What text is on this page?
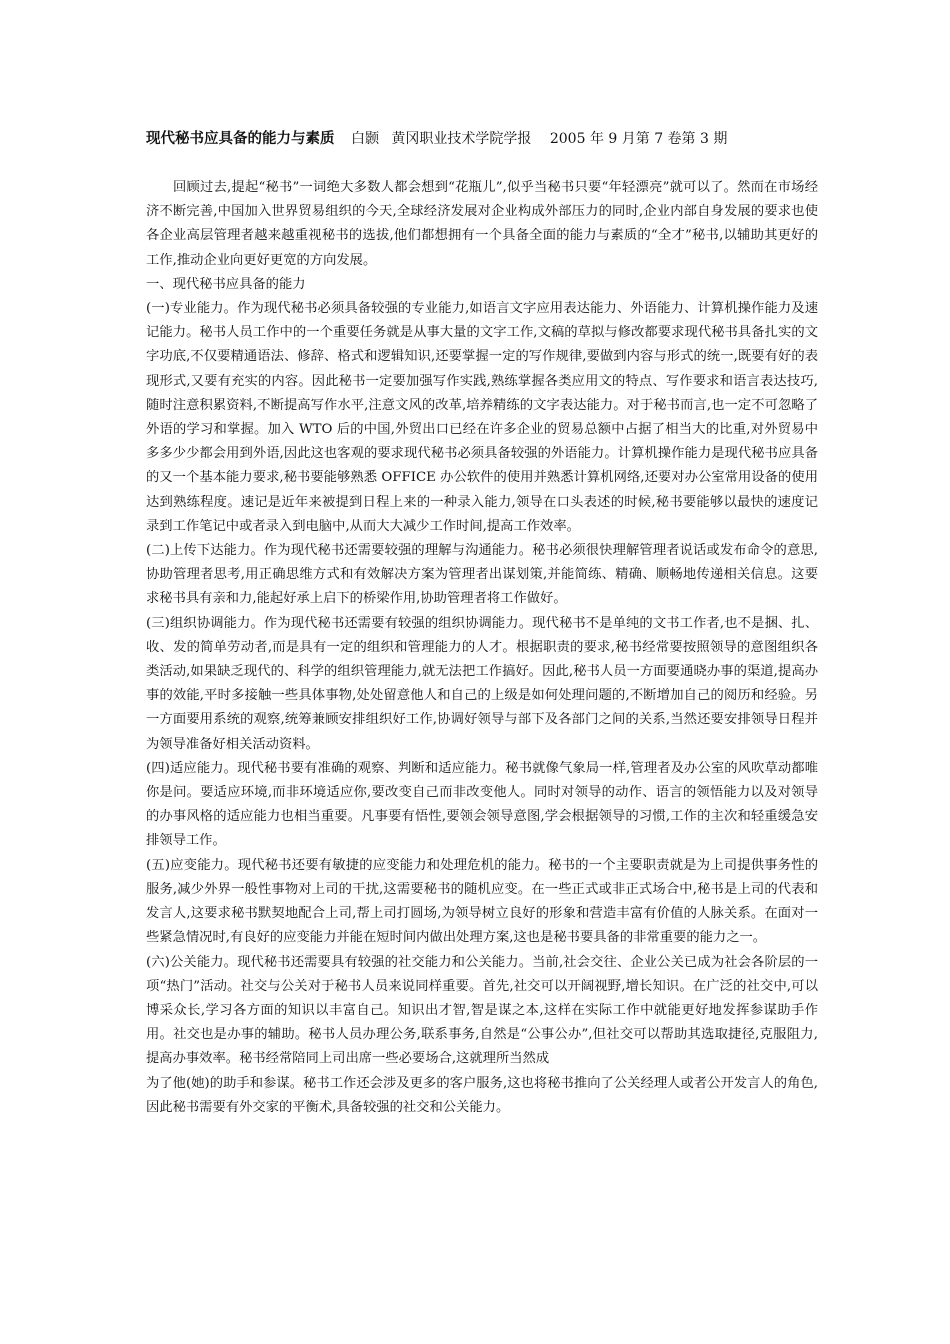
现代秘书应具备的能力与素质 白颢 黄冈职业技术学院学报 2005 年 9 月第 7 卷第 3 期

回顾过去,提起“秘书”一词绝大多数人都会想到“花瓶儿”,似乎当秘书只要“年轻漂亮”就可以了。然而在市场经济不断完善,中国加入世界贸易组织的今天,全球经济发展对企业构成外部压力的同时,企业内部自身发展的要求也使各企业高层管理者越来越重视秘书的选拔,他们都想拥有一个具备全面的能力与素质的“全才”秘书,以辅助其更好的工作,推动企业向更好更宽的方向发展。

一、现代秘书应具备的能力

(一)专业能力。作为现代秘书必须具备较强的专业能力,如语言文字应用表达能力、外语能力、计算机操作能力及速记能力。秘书人员工作中的一个重要任务就是从事大量的文字工作,文稿的草拟与修改都要求现代秘书具备扎实的文字功底,不仅要精通语法、修辞、格式和逻辑知识,还要掌握一定的写作规律,要做到内容与形式的统一,既要有好的表现形式,又要有充实的内容。因此秘书一定要加强写作实践,熟练掌握各类应用文的特点、写作要求和语言表达技巧,随时注意积累资料,不断提高写作水平,注意文风的改革,培养精练的文字表达能力。对于秘书而言,也一定不可忽略了外语的学习和掌握。加入 WTO 后的中国,外贸出口已经在许多企业的贸易总额中占据了相当大的比重,对外贸易中多多少少都会用到外语,因此这也客观的要求现代秘书必须具备较强的外语能力。计算机操作能力是现代秘书应具备的又一个基本能力要求,秘书要能够熟悉 OFFICE 办公软件的使用并熟悉计算机网络,还要对办公室常用设备的使用达到熟练程度。速记是近年来被提到日程上来的一种录入能力,领导在口头表述的时候,秘书要能够以最快的速度记录到工作笔记中或者录入到电脑中,从而大大减少工作时间,提高工作效率。

(二)上传下达能力。作为现代秘书还需要较强的理解与沟通能力。秘书必须很快理解管理者说话或发布命令的意思,协助管理者思考,用正确思维方式和有效解决方案为管理者出谋划策,并能简练、精确、顺畅地传递相关信息。这要求秘书具有亲和力,能起好承上启下的桥梁作用,协助管理者将工作做好。

(三)组织协调能力。作为现代秘书还需要有较强的组织协调能力。现代秘书不是单纯的文书工作者,也不是捆、扎、收、发的简单劳动者,而是具有一定的组织和管理能力的人才。根据职责的要求,秘书经常要按照领导的意图组织各类活动,如果缺乏现代的、科学的组织管理能力,就无法把工作搞好。因此,秘书人员一方面要通晓办事的渠道,提高办事的效能,平时多接触一些具体事物,处处留意他人和自己的上级是如何处理问题的,不断增加自己的阅历和经验。另一方面要用系统的观察,统筹兼顾安排组织好工作,协调好领导与部下及各部门之间的关系,当然还要安排领导日程并为领导准备好相关活动资料。

(四)适应能力。现代秘书要有准确的观察、判断和适应能力。秘书就像气象局一样,管理者及办公室的风吹草动都唯你是问。要适应环境,而非环境适应你,要改变自己而非改变他人。同时对领导的动作、语言的领悟能力以及对领导的办事风格的适应能力也相当重要。凡事要有悟性,要领会领导意图,学会根据领导的习惯,工作的主次和轻重缓急安排领导工作。

(五)应变能力。现代秘书还要有敏捷的应变能力和处理危机的能力。秘书的一个主要职责就是为上司提供事务性的服务,减少外界一般性事物对上司的干扰,这需要秘书的随机应变。在一些正式或非正式场合中,秘书是上司的代表和发言人,这要求秘书默契地配合上司,帮上司打圆场,为领导树立良好的形象和营造丰富有价值的人脉关系。在面对一些紧急情况时,有良好的应变能力并能在短时间内做出处理方案,这也是秘书要具备的非常重要的能力之一。

(六)公关能力。现代秘书还需要具有较强的社交能力和公关能力。当前,社会交往、企业公关已成为社会各阶层的一项“热门”活动。社交与公关对于秘书人员来说同样重要。首先,社交可以开阔视野,增长知识。在广泛的社交中,可以博采众长,学习各方面的知识以丰富自己。知识出才智,智是谋之本,这样在实际工作中就能更好地发挥参谋助手作用。社交也是办事的辅助。秘书人员办理公务,联系事务,自然是“公事公办”,但社交可以帮助其选取捷径,克服阻力,提高办事效率。秘书经常陪同上司出席一些必要场合,这就理所当然成

为了他(她)的助手和参谋。秘书工作还会涉及更多的客户服务,这也将秘书推向了公关经理人或者公开发言人的角色,因此秘书需要有外交家的平衡术,具备较强的社交和公关能力。
